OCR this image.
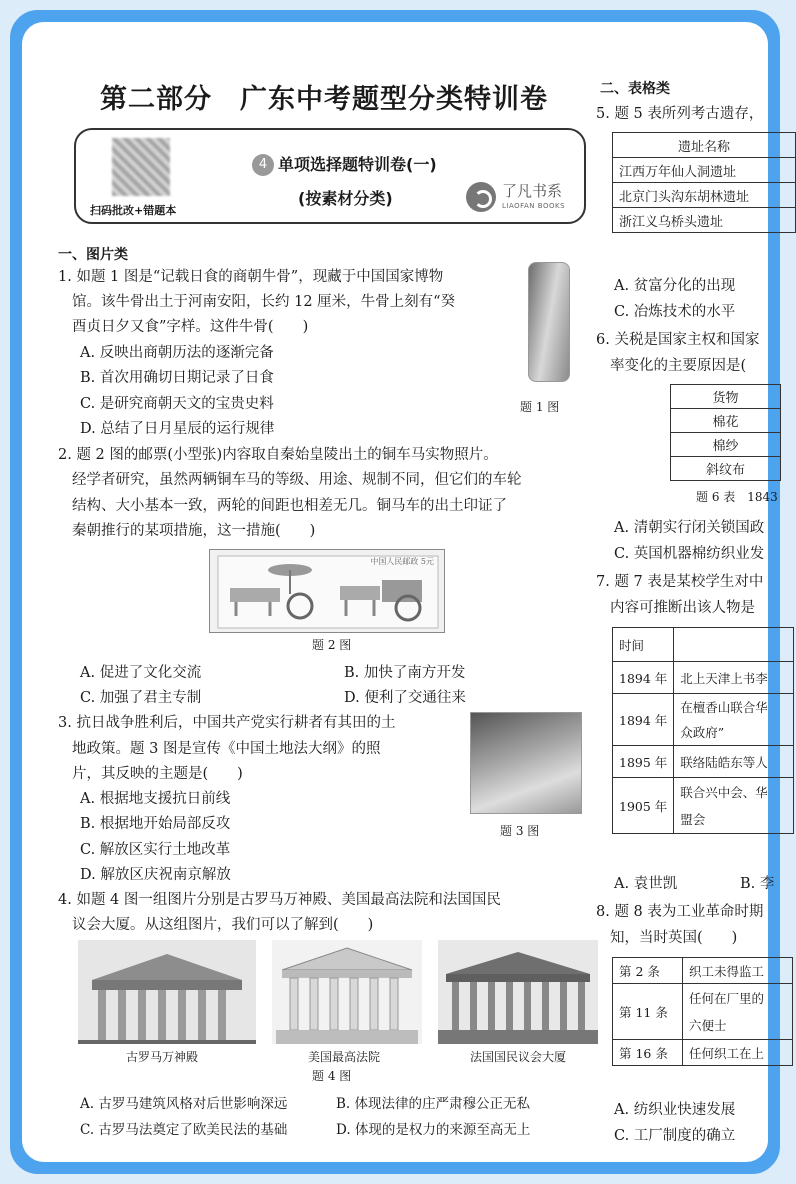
第二部分　广东中考题型分类特训卷
扫码批改+错题本
4 单项选择题特训卷(一)
(按素材分类)	了凡书系
LIAOFAN BOOKS
一、图片类
1. 如题 1 图是“记载日食的商朝牛骨”，现藏于中国国家博物
馆。该牛骨出土于河南安阳，长约 12 厘米，牛骨上刻有“癸
酉贞日夕又食”字样。这件牛骨(　　)
A. 反映出商朝历法的逐渐完备
B. 首次用确切日期记录了日食
C. 是研究商朝天文的宝贵史料
D. 总结了日月星辰的运行规律
题 1 图
2. 题 2 图的邮票(小型张)内容取自秦始皇陵出土的铜车马实物照片。
经学者研究，虽然两辆铜车马的等级、用途、规制不同，但它们的车轮
结构、大小基本一致，两轮的间距也相差无几。铜马车的出土印证了
秦朝推行的某项措施，这一措施(　　)
中国人民邮政 5元
题 2 图
A. 促进了文化交流	B. 加快了南方开发
C. 加强了君主专制	D. 便利了交通往来
3. 抗日战争胜利后，中国共产党实行耕者有其田的土
地政策。题 3 图是宣传《中国土地法大纲》的照
片，其反映的主题是(　　)
A. 根据地支援抗日前线
B. 根据地开始局部反攻
C. 解放区实行土地改革
D. 解放区庆祝南京解放
题 3 图
4. 如题 4 图一组图片分别是古罗马万神殿、美国最高法院和法国国民
议会大厦。从这组图片，我们可以了解到(　　)
古罗马万神殿	美国最高法院	法国国民议会大厦
题 4 图
A. 古罗马建筑风格对后世影响深远	B. 体现法律的庄严肃穆公正无私
C. 古罗马法奠定了欧美民法的基础	D. 体现的是权力的来源至高无上
二、表格类
5. 题 5 表所列考古遗存，
遗址名称
江西万年仙人洞遗址
北京门头沟东胡林遗址
浙江义乌桥头遗址
A. 贫富分化的出现
C. 冶炼技术的水平
6. 关税是国家主权和国家
率变化的主要原因是(
货物
棉花
棉纱
斜纹布
题 6 表　1843
A. 清朝实行闭关锁国政
C. 英国机器棉纺织业发
7. 题 7 表是某校学生对中
内容可推断出该人物是
时间	
1894 年	北上天津上书李
1894 年	在檀香山联合华
	众政府”
1895 年	联络陆皓东等人
1905 年	联合兴中会、华
	盟会
A. 袁世凯	B. 李
8. 题 8 表为工业革命时期
知，当时英国(　　)
第 2 条	织工未得监工
第 11 条	任何在厂里的
	六便士
第 16 条	任何织工在上
A. 纺织业快速发展
C. 工厂制度的确立
